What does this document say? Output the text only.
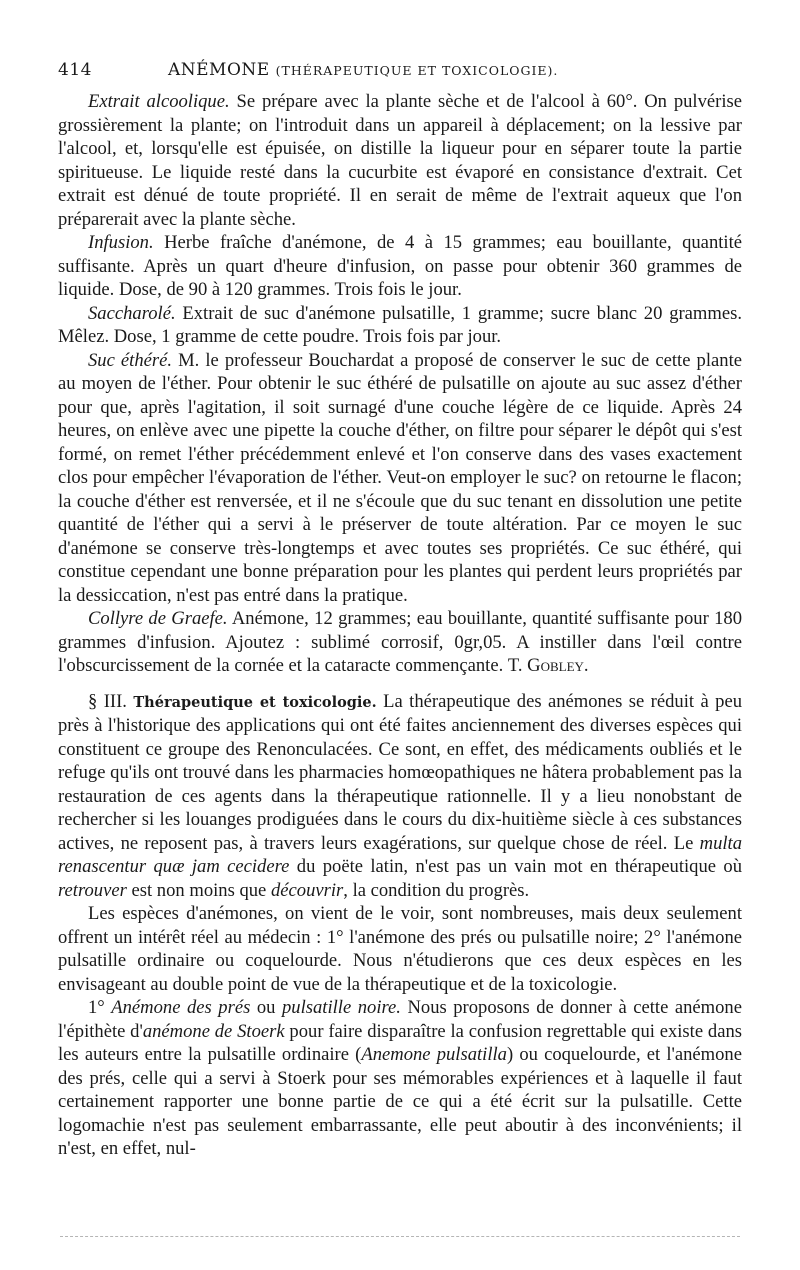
414	ANÉMONE (THÉRAPEUTIQUE ET TOXICOLOGIE).

Extrait alcoolique. Se prépare avec la plante sèche et de l'alcool à 60°. On pulvérise grossièrement la plante; on l'introduit dans un appareil à déplacement; on la lessive par l'alcool, et, lorsqu'elle est épuisée, on distille la liqueur pour en séparer toute la partie spiritueuse. Le liquide resté dans la cucurbite est évaporé en consistance d'extrait. Cet extrait est dénué de toute propriété. Il en serait de même de l'extrait aqueux que l'on préparerait avec la plante sèche.

Infusion. Herbe fraîche d'anémone, de 4 à 15 grammes; eau bouillante, quantité suffisante. Après un quart d'heure d'infusion, on passe pour obtenir 360 grammes de liquide. Dose, de 90 à 120 grammes. Trois fois le jour.

Saccharolé. Extrait de suc d'anémone pulsatille, 1 gramme; sucre blanc 20 grammes. Mêlez. Dose, 1 gramme de cette poudre. Trois fois par jour.

Suc éthéré. M. le professeur Bouchardat a proposé de conserver le suc de cette plante au moyen de l'éther. Pour obtenir le suc éthéré de pulsatille on ajoute au suc assez d'éther pour que, après l'agitation, il soit surnagé d'une couche légère de ce liquide. Après 24 heures, on enlève avec une pipette la couche d'éther, on filtre pour séparer le dépôt qui s'est formé, on remet l'éther précédemment enlevé et l'on conserve dans des vases exactement clos pour empêcher l'évaporation de l'éther. Veut-on employer le suc? on retourne le flacon; la couche d'éther est renversée, et il ne s'écoule que du suc tenant en dissolution une petite quantité de l'éther qui a servi à le préserver de toute altération. Par ce moyen le suc d'anémone se conserve très-longtemps et avec toutes ses propriétés. Ce suc éthéré, qui constitue cependant une bonne préparation pour les plantes qui perdent leurs propriétés par la dessiccation, n'est pas entré dans la pratique.

Collyre de Graefe. Anémone, 12 grammes; eau bouillante, quantité suffisante pour 180 grammes d'infusion. Ajoutez : sublimé corrosif, 0gr,05. A instiller dans l'œil contre l'obscurcissement de la cornée et la cataracte commençante. T. Gobley.

§ III. Thérapeutique et toxicologie. La thérapeutique des anémones se réduit à peu près à l'historique des applications qui ont été faites anciennement des diverses espèces qui constituent ce groupe des Renonculacées. Ce sont, en effet, des médicaments oubliés et le refuge qu'ils ont trouvé dans les pharmacies homœopathiques ne hâtera probablement pas la restauration de ces agents dans la thérapeutique rationnelle. Il y a lieu nonobstant de rechercher si les louanges prodiguées dans le cours du dix-huitième siècle à ces substances actives, ne reposent pas, à travers leurs exagérations, sur quelque chose de réel. Le multa renascentur quæ jam cecidere du poëte latin, n'est pas un vain mot en thérapeutique où retrouver est non moins que découvrir, la condition du progrès.

Les espèces d'anémones, on vient de le voir, sont nombreuses, mais deux seulement offrent un intérêt réel au médecin : 1° l'anémone des prés ou pulsatille noire; 2° l'anémone pulsatille ordinaire ou coquelourde. Nous n'étudierons que ces deux espèces en les envisageant au double point de vue de la thérapeutique et de la toxicologie.

1° Anémone des prés ou pulsatille noire. Nous proposons de donner à cette anémone l'épithète d'anémone de Stoerk pour faire disparaître la confusion regrettable qui existe dans les auteurs entre la pulsatille ordinaire (Anemone pulsatilla) ou coquelourde, et l'anémone des prés, celle qui a servi à Stoerk pour ses mémorables expériences et à laquelle il faut certainement rapporter une bonne partie de ce qui a été écrit sur la pulsatille. Cette logomachie n'est pas seulement embarrassante, elle peut aboutir à des inconvénients; il n'est, en effet, nul-
